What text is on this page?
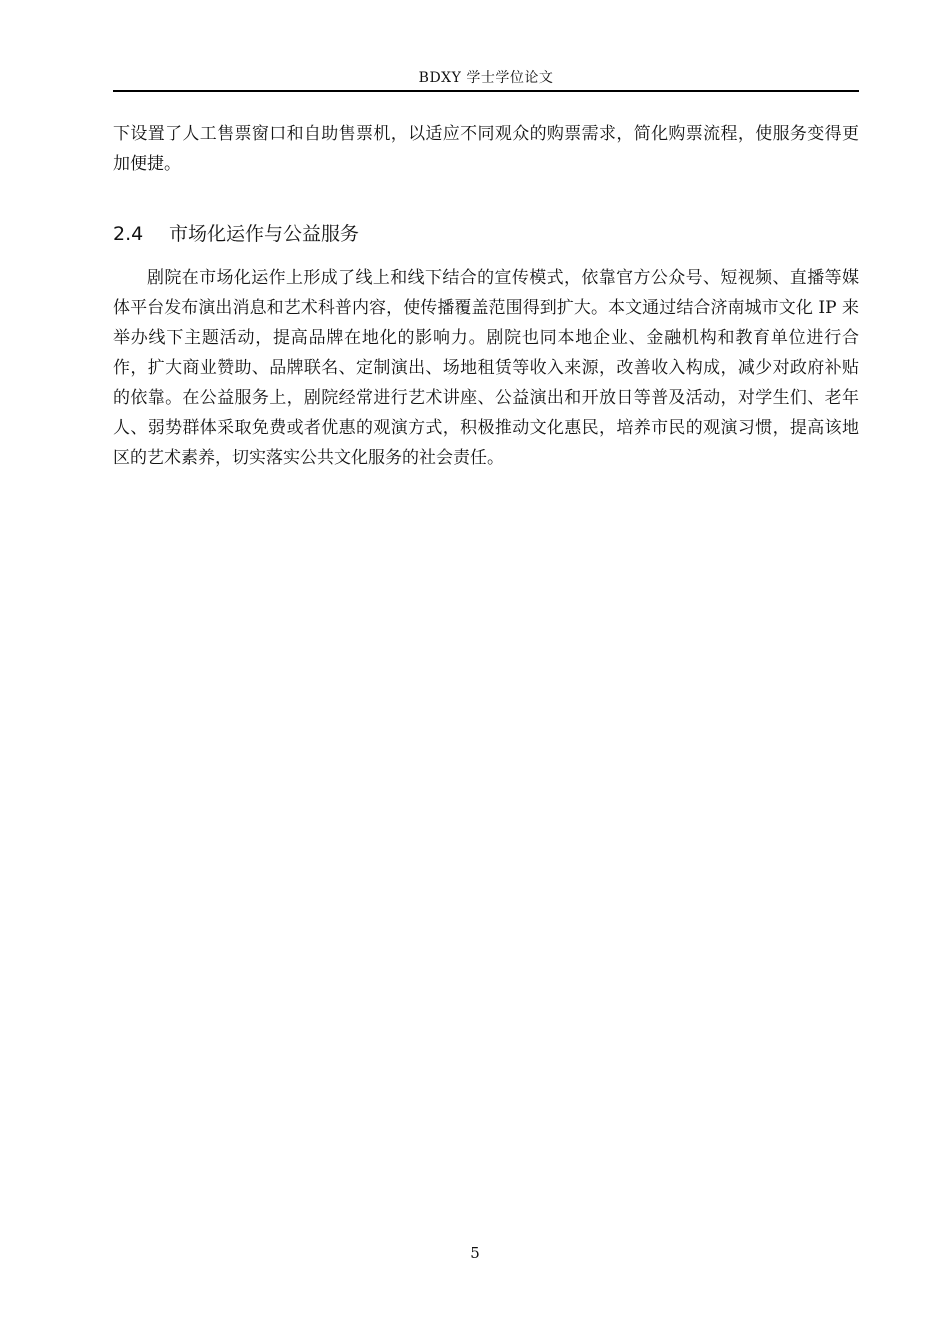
BDXY 学士学位论文

下设置了人工售票窗口和自助售票机，以适应不同观众的购票需求，简化购票流程，使服务变得更加便捷。

2.4 市场化运作与公益服务

剧院在市场化运作上形成了线上和线下结合的宣传模式，依靠官方公众号、短视频、直播等媒体平台发布演出消息和艺术科普内容，使传播覆盖范围得到扩大。本文通过结合济南城市文化 IP 来举办线下主题活动，提高品牌在地化的影响力。剧院也同本地企业、金融机构和教育单位进行合作，扩大商业赞助、品牌联名、定制演出、场地租赁等收入来源，改善收入构成，减少对政府补贴的依靠。在公益服务上，剧院经常进行艺术讲座、公益演出和开放日等普及活动，对学生们、老年人、弱势群体采取免费或者优惠的观演方式，积极推动文化惠民，培养市民的观演习惯，提高该地区的艺术素养，切实落实公共文化服务的社会责任。

5
